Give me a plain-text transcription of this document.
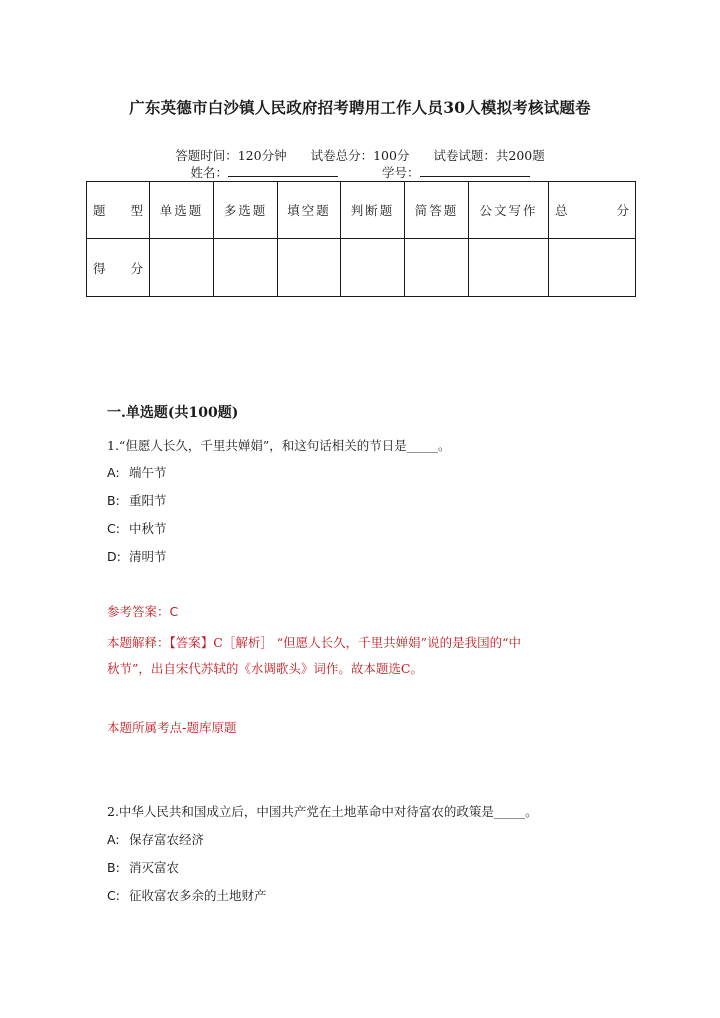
广东英德市白沙镇人民政府招考聘用工作人员30人模拟考核试题卷
答题时间：120分钟 试卷总分：100分 试卷试题：共200题
姓名：	学号：
题 型	单选题	多选题	填空题	判断题	简答题	公文写作	总 分

得 分							

一.单选题(共100题)
1.“但愿人长久，千里共婵娟”，和这句话相关的节日是_____。
A: 端午节
B: 重阳节
C: 中秋节
D: 清明节
参考答案：C
本题解释：【答案】C［解析］ “但愿人长久，千里共婵娟”说的是我国的“中
秋节”，出自宋代苏轼的《水调歌头》词作。故本题选C。
本题所属考点-题库原题
2.中华人民共和国成立后，中国共产党在土地革命中对待富农的政策是_____。
A: 保存富农经济
B: 消灭富农
C: 征收富农多余的土地财产
